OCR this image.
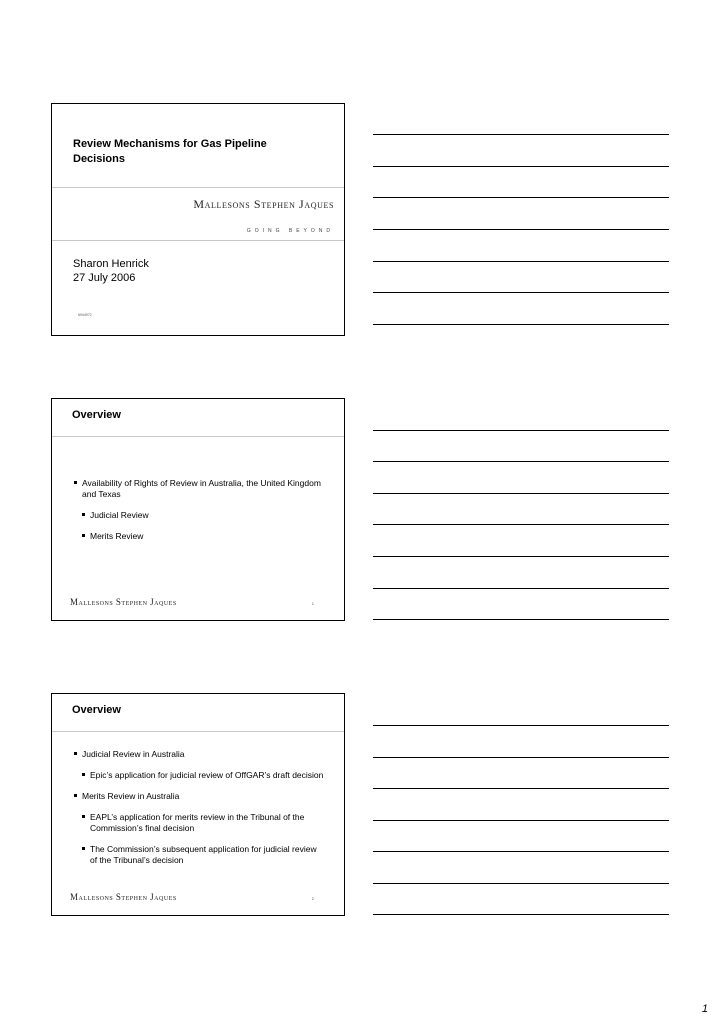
Review Mechanisms for Gas Pipeline Decisions
Mallesons Stephen Jaques
GOING BEYOND
Sharon Henrick
27 July 2006
6944972
Overview
Availability of Rights of Review in Australia, the United Kingdom and Texas
Judicial Review
Merits Review
Mallesons Stephen Jaques	1
Overview
Judicial Review in Australia
Epic’s application for judicial review of OffGAR’s draft decision
Merits Review in Australia
EAPL’s application for merits review in the Tribunal of the Commission’s final decision
The Commission’s subsequent application for judicial review of the Tribunal’s decision
Mallesons Stephen Jaques	2
1
